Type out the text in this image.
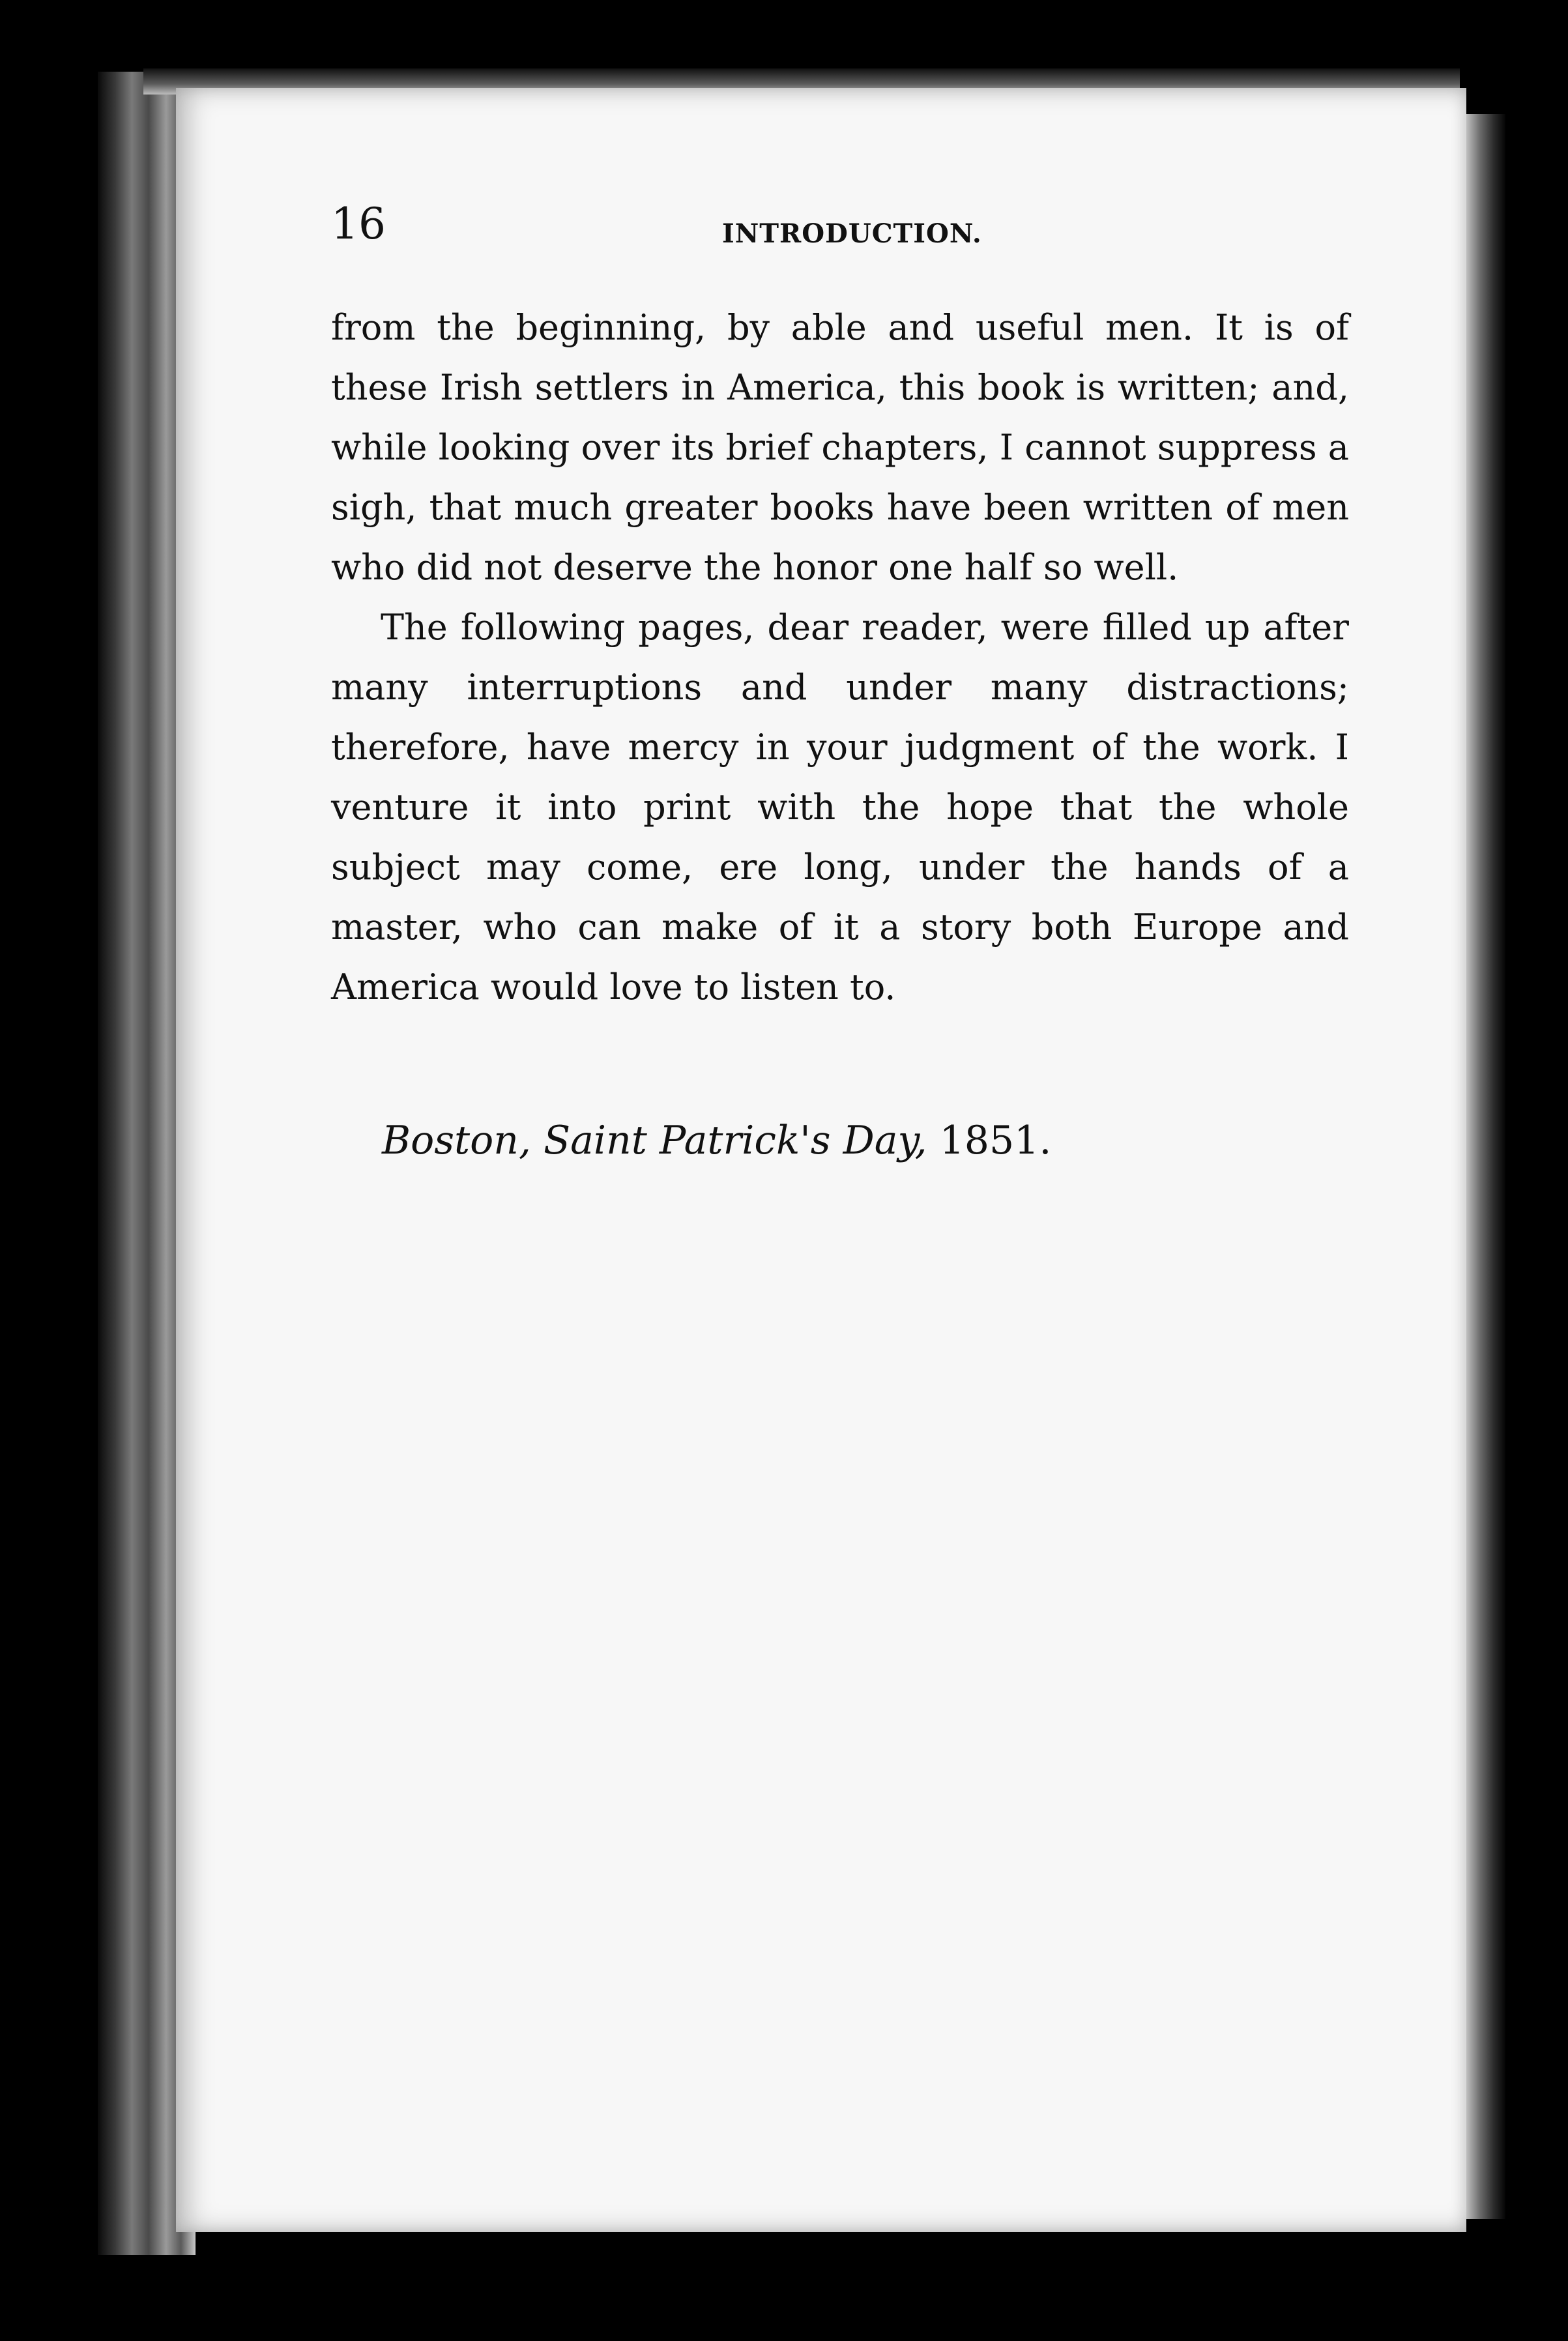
16	INTRODUCTION.

from the beginning, by able and useful men. It is of these Irish settlers in America, this book is written; and, while looking over its brief chapters, I cannot suppress a sigh, that much greater books have been written of men who did not deserve the honor one half so well.

The following pages, dear reader, were filled up after many interruptions and under many distractions; therefore, have mercy in your judgment of the work. I venture it into print with the hope that the whole subject may come, ere long, under the hands of a master, who can make of it a story both Europe and America would love to listen to.

Boston, Saint Patrick's Day, 1851.
